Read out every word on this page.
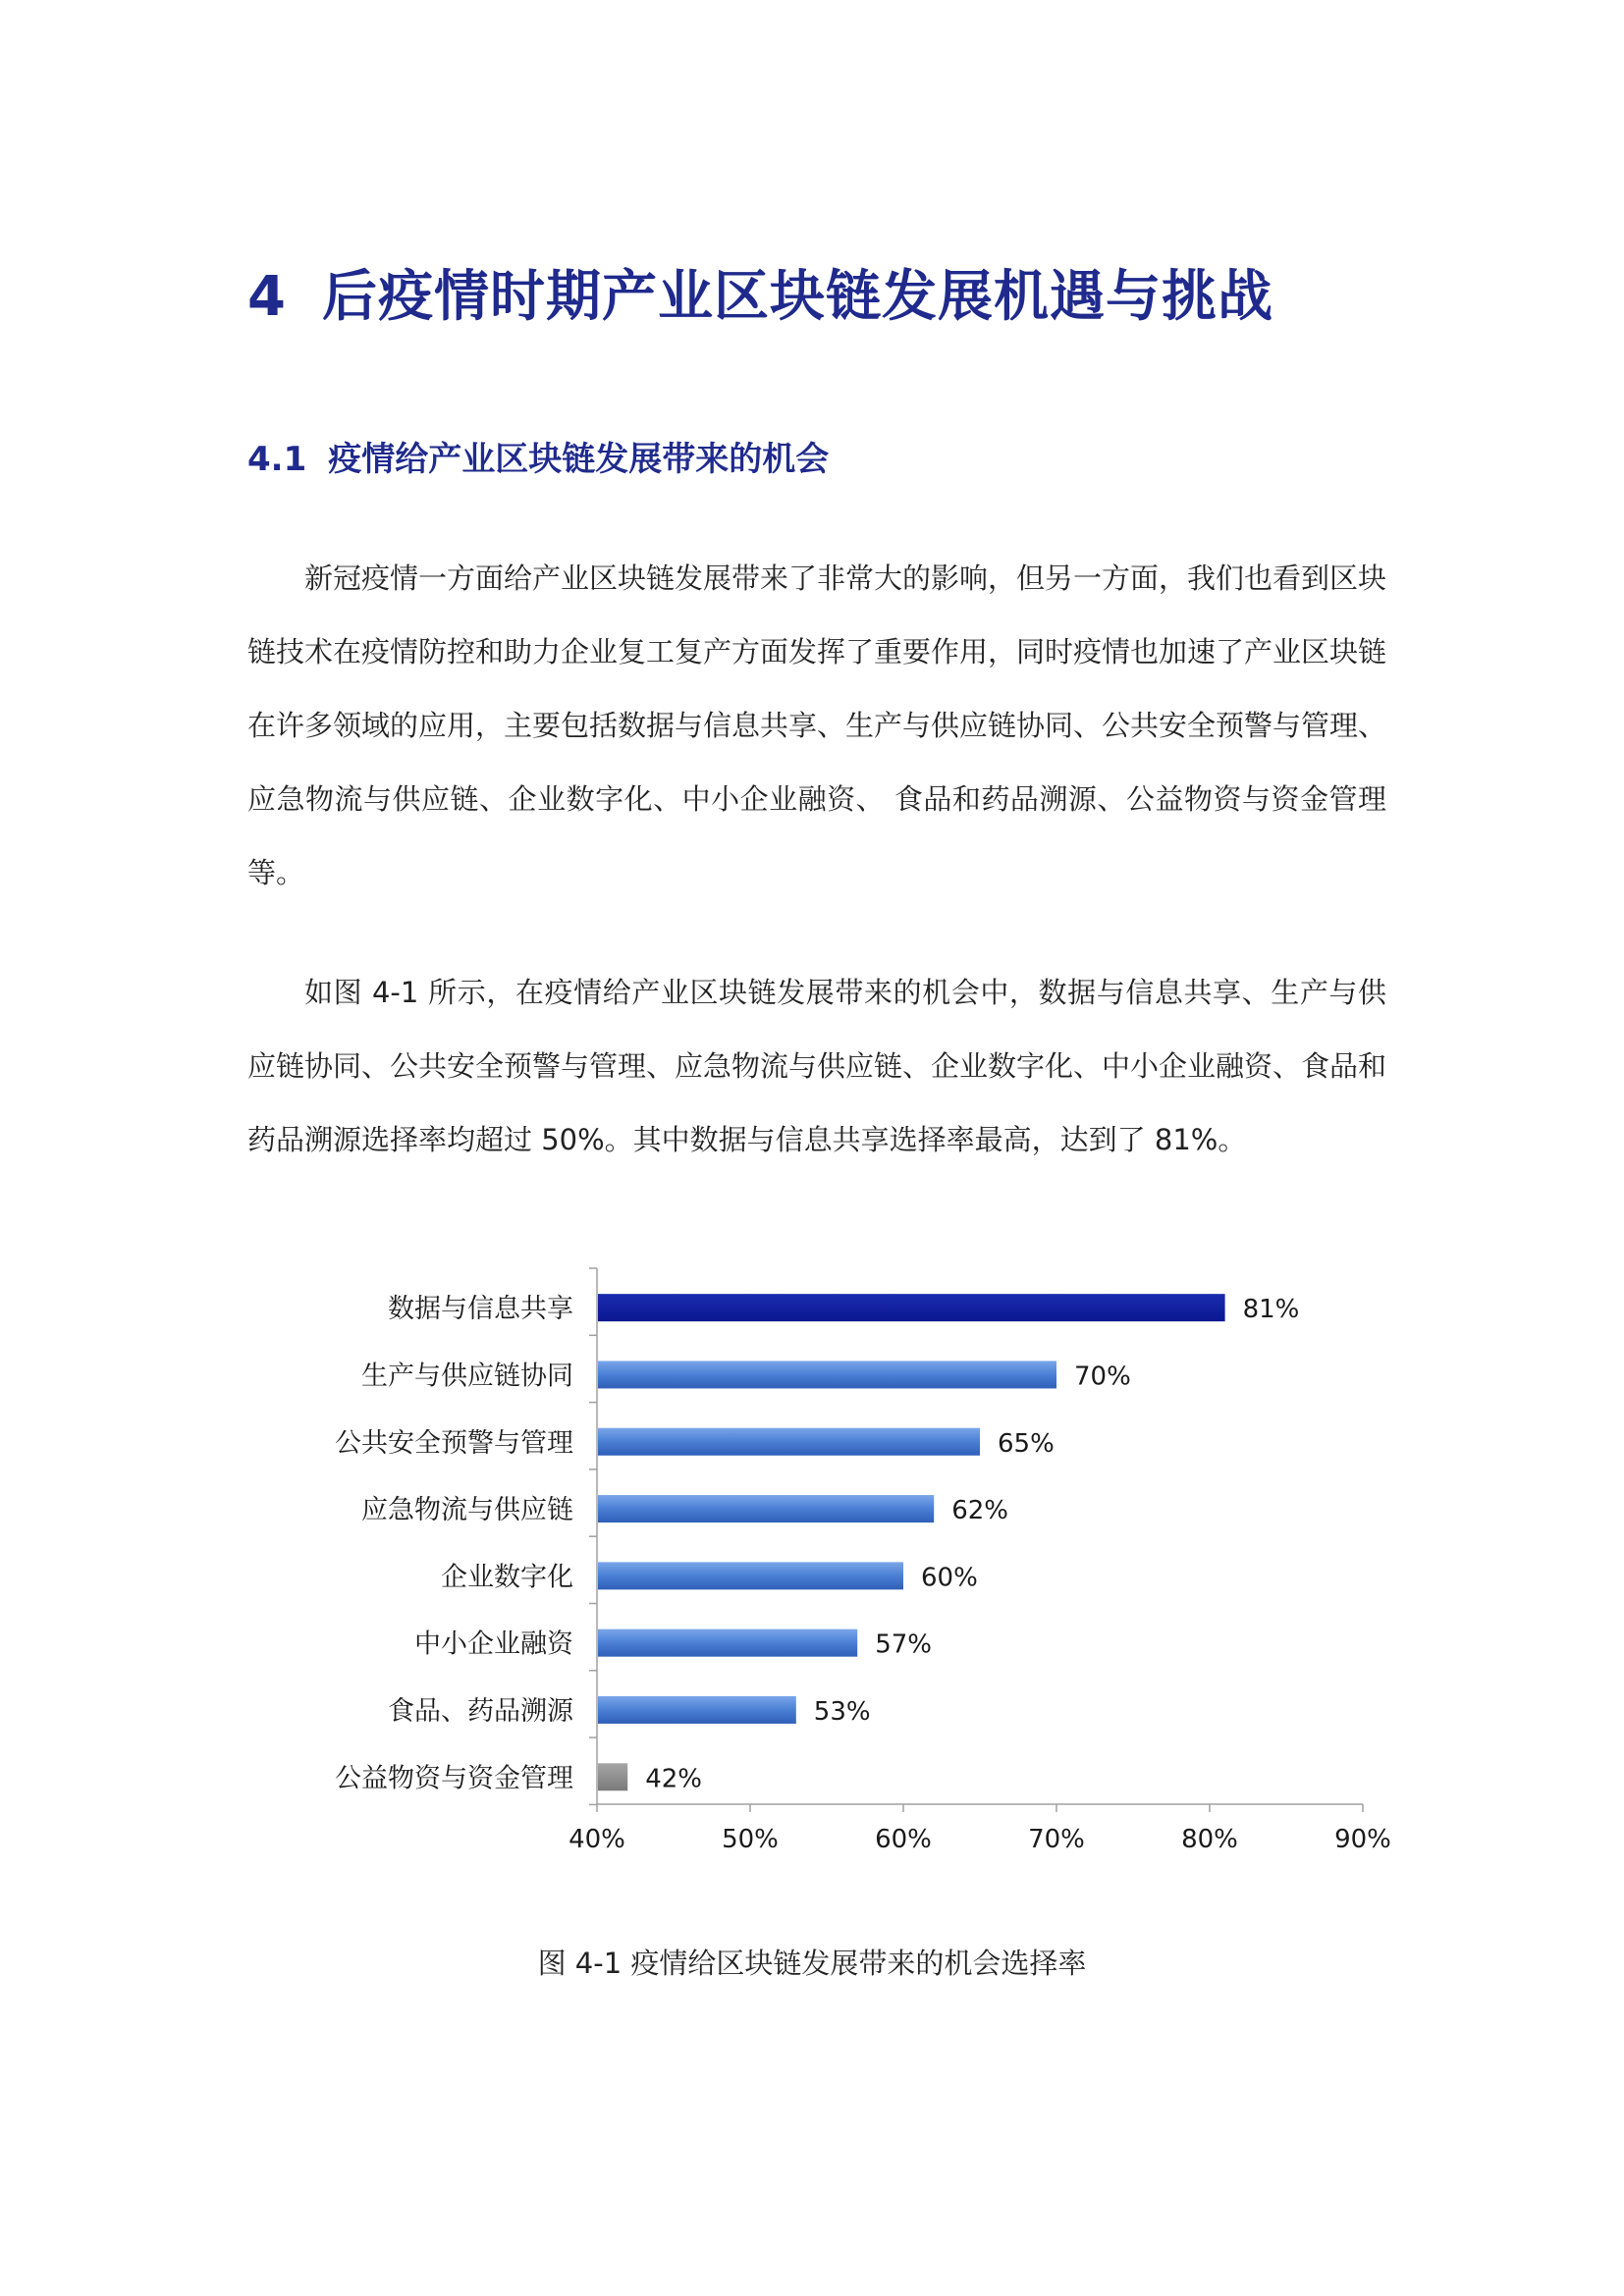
4 后疫情时期产业区块链发展机遇与挑战
4.1 疫情给产业区块链发展带来的机会

新冠疫情一方面给产业区块链发展带来了非常大的影响，但另一方面，我们也看到区块链技术在疫情防控和助力企业复工复产方面发挥了重要作用，同时疫情也加速了产业区块链在许多领域的应用，主要包括数据与信息共享、生产与供应链协同、公共安全预警与管理、应急物流与供应链、企业数字化、中小企业融资、 食品和药品溯源、公益物资与资金管理等。

如图 4-1 所示，在疫情给产业区块链发展带来的机会中，数据与信息共享、生产与供应链协同、公共安全预警与管理、应急物流与供应链、企业数字化、中小企业融资、食品和药品溯源选择率均超过 50%。其中数据与信息共享选择率最高，达到了 81%。

数据与信息共享	81%
生产与供应链协同	70%
公共安全预警与管理	65%
应急物流与供应链	62%
企业数字化	60%
中小企业融资	57%
食品、药品溯源	53%
公益物资与资金管理	42%
40%	50%	60%	70%	80%	90%

图 4-1 疫情给区块链发展带来的机会选择率
